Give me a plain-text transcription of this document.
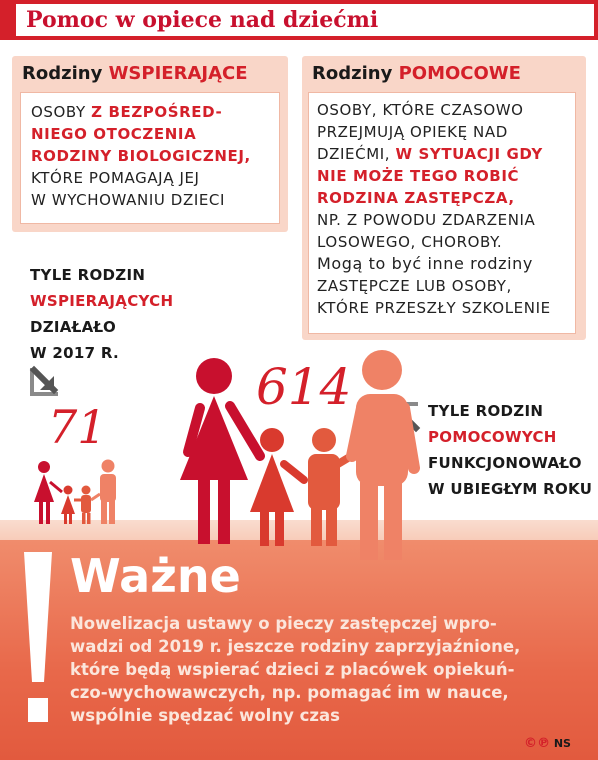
Pomoc w opiece nad dziećmi
Rodziny WSPIERAJĄCE
OSOBY Z BEZPOŚRED-
NIEGO OTOCZENIA
RODZINY BIOLOGICZNEJ,
KTÓRE POMAGAJĄ JEJ
W WYCHOWANIU DZIECI
Rodziny POMOCOWE
OSOBY, KTÓRE CZASOWO
PRZEJMUJĄ OPIEKĘ NAD
DZIEĆMI, W SYTUACJI GDY
NIE MOŻE TEGO ROBIĆ
RODZINA ZASTĘPCZA,
NP. Z POWODU ZDARZENIA
LOSOWEGO, CHOROBY.
Mogą to być inne rodziny
ZASTĘPCZE LUB OSOBY,
KTÓRE PRZESZŁY SZKOLENIE
TYLE RODZIN
WSPIERAJĄCYCH
DZIAŁAŁO
W 2017 R.
TYLE RODZIN
POMOCOWYCH
FUNKCJONOWAŁO
W UBIEGŁYM ROKU
71
614
Ważne
Nowelizacja ustawy o pieczy zastępczej wpro-
wadzi od 2019 r. jeszcze rodziny zaprzyjaźnione,
które będą wspierać dzieci z placówek opiekuń-
czo-wychowawczych, np. pomagać im w nauce,
wspólnie spędzać wolny czas
©℗ NS
